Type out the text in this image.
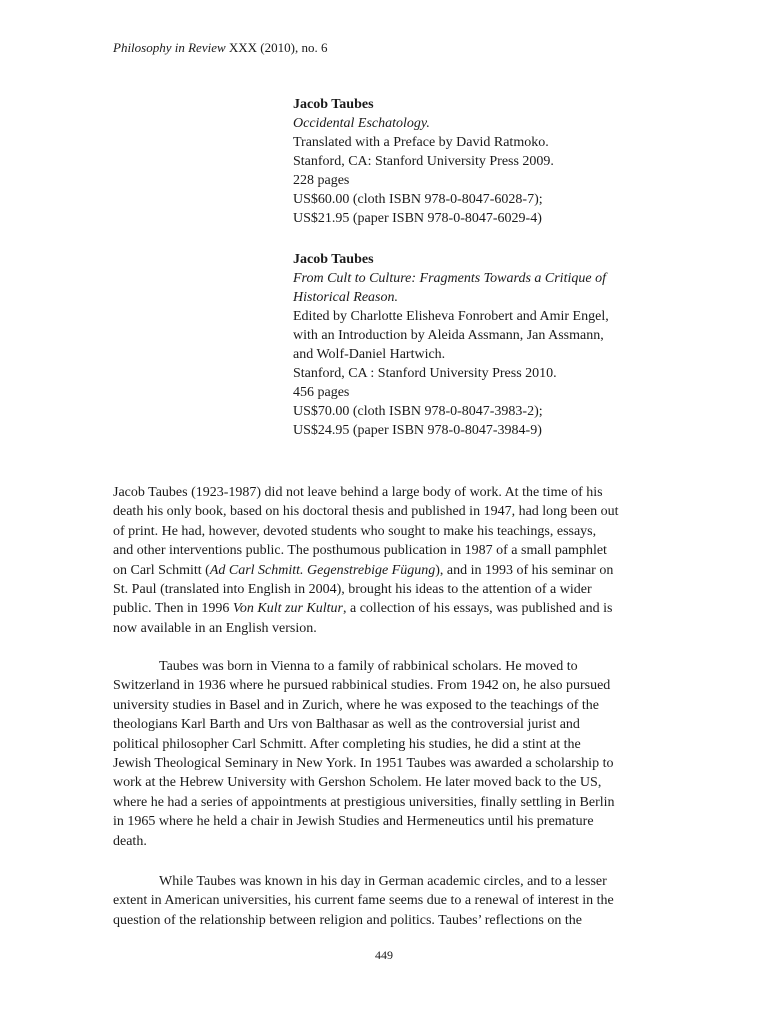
Philosophy in Review XXX (2010), no. 6
Jacob Taubes
Occidental Eschatology.
Translated with a Preface by David Ratmoko.
Stanford, CA: Stanford University Press 2009.
228 pages
US$60.00 (cloth ISBN 978-0-8047-6028-7);
US$21.95 (paper ISBN 978-0-8047-6029-4)
Jacob Taubes
From Cult to Culture: Fragments Towards a Critique of
Historical Reason.
Edited by Charlotte Elisheva Fonrobert and Amir Engel,
with an Introduction by Aleida Assmann, Jan Assmann,
and Wolf-Daniel Hartwich.
Stanford, CA : Stanford University Press 2010.
456 pages
US$70.00 (cloth ISBN 978-0-8047-3983-2);
US$24.95 (paper ISBN 978-0-8047-3984-9)
Jacob Taubes (1923-1987) did not leave behind a large body of work. At the time of his
death his only book, based on his doctoral thesis and published in 1947, had long been out
of print. He had, however, devoted students who sought to make his teachings, essays,
and other interventions public. The posthumous publication in 1987 of a small pamphlet
on Carl Schmitt (Ad Carl Schmitt. Gegenstrebige Fügung), and in 1993 of his seminar on
St. Paul (translated into English in 2004), brought his ideas to the attention of a wider
public. Then in 1996 Von Kult zur Kultur, a collection of his essays, was published and is
now available in an English version.
Taubes was born in Vienna to a family of rabbinical scholars. He moved to
Switzerland in 1936 where he pursued rabbinical studies. From 1942 on, he also pursued
university studies in Basel and in Zurich, where he was exposed to the teachings of the
theologians Karl Barth and Urs von Balthasar as well as the controversial jurist and
political philosopher Carl Schmitt. After completing his studies, he did a stint at the
Jewish Theological Seminary in New York. In 1951 Taubes was awarded a scholarship to
work at the Hebrew University with Gershon Scholem. He later moved back to the US,
where he had a series of appointments at prestigious universities, finally settling in Berlin
in 1965 where he held a chair in Jewish Studies and Hermeneutics until his premature
death.
While Taubes was known in his day in German academic circles, and to a lesser
extent in American universities, his current fame seems due to a renewal of interest in the
question of the relationship between religion and politics. Taubes’ reflections on the
449
